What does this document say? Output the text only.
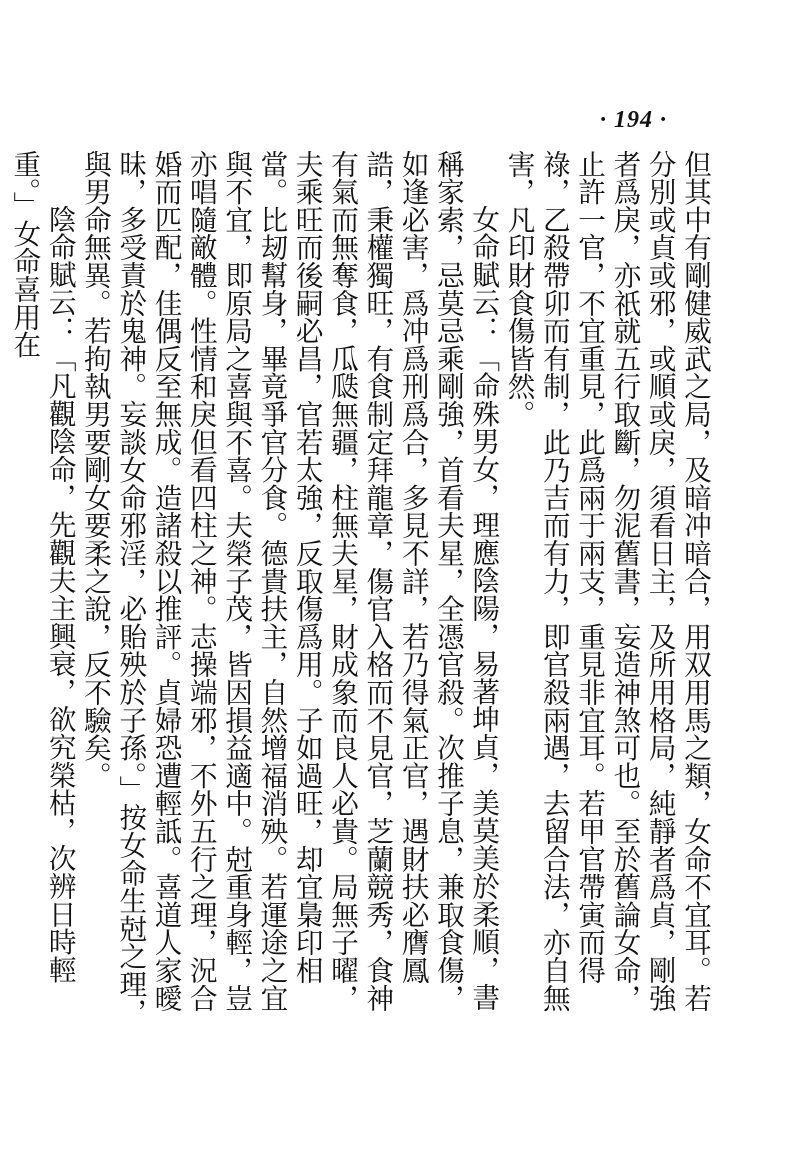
· 194 ·

但其中有剛健威武之局，及暗冲暗合，用双用馬之類，女命不宜耳。若分別或貞或邪，或順或戾，須看日主，及所用格局，純靜者爲貞，剛強者爲戾，亦祇就五行取斷，勿泥舊書，妄造神煞可也。至於舊論女命，止許一官，不宜重見，此爲兩于兩支，重見非宜耳。若甲官帶寅而得祿，乙殺帶卯而有制，此乃吉而有力，即官殺兩遇，去留合法，亦自無害，凡印財食傷皆然。

女命賦云：「命殊男女，理應陰陽，易著坤貞，美莫美於柔順，書稱家索，忌莫忌乘剛強，首看夫星，全憑官殺。次推子息，兼取食傷，如逢必害，爲冲爲刑爲合，多見不詳，若乃得氣正官，遇財扶必膺鳳誥，秉權獨旺，有食制定拜龍章，傷官入格而不見官，芝蘭競秀，食神有氣而無奪食，瓜瓞無疆，柱無夫星，財成象而良人必貴。局無子曜，夫乘旺而後嗣必昌，官若太強，反取傷爲用。子如過旺，却宜梟印相當。比刼幫身，畢竟爭官分食。德貴扶主，自然增福消殃。若運途之宜與不宜，即原局之喜與不喜。夫榮子茂，皆因損益適中。尅重身輕，豈亦唱隨敵體。性情和戾但看四柱之神。志操端邪，不外五行之理，況合婚而匹配，佳偶反至無成。造諸殺以推評。貞婦恐遭輕詆。喜道人家曖昧，多受責於鬼神。妄談女命邪淫，必貽殃於子孫。」按女命生尅之理，與男命無異。若拘執男要剛女要柔之說，反不驗矣。

陰命賦云：「凡觀陰命，先觀夫主興衰，欲究榮枯，次辨日時輕重。」女命喜用在
